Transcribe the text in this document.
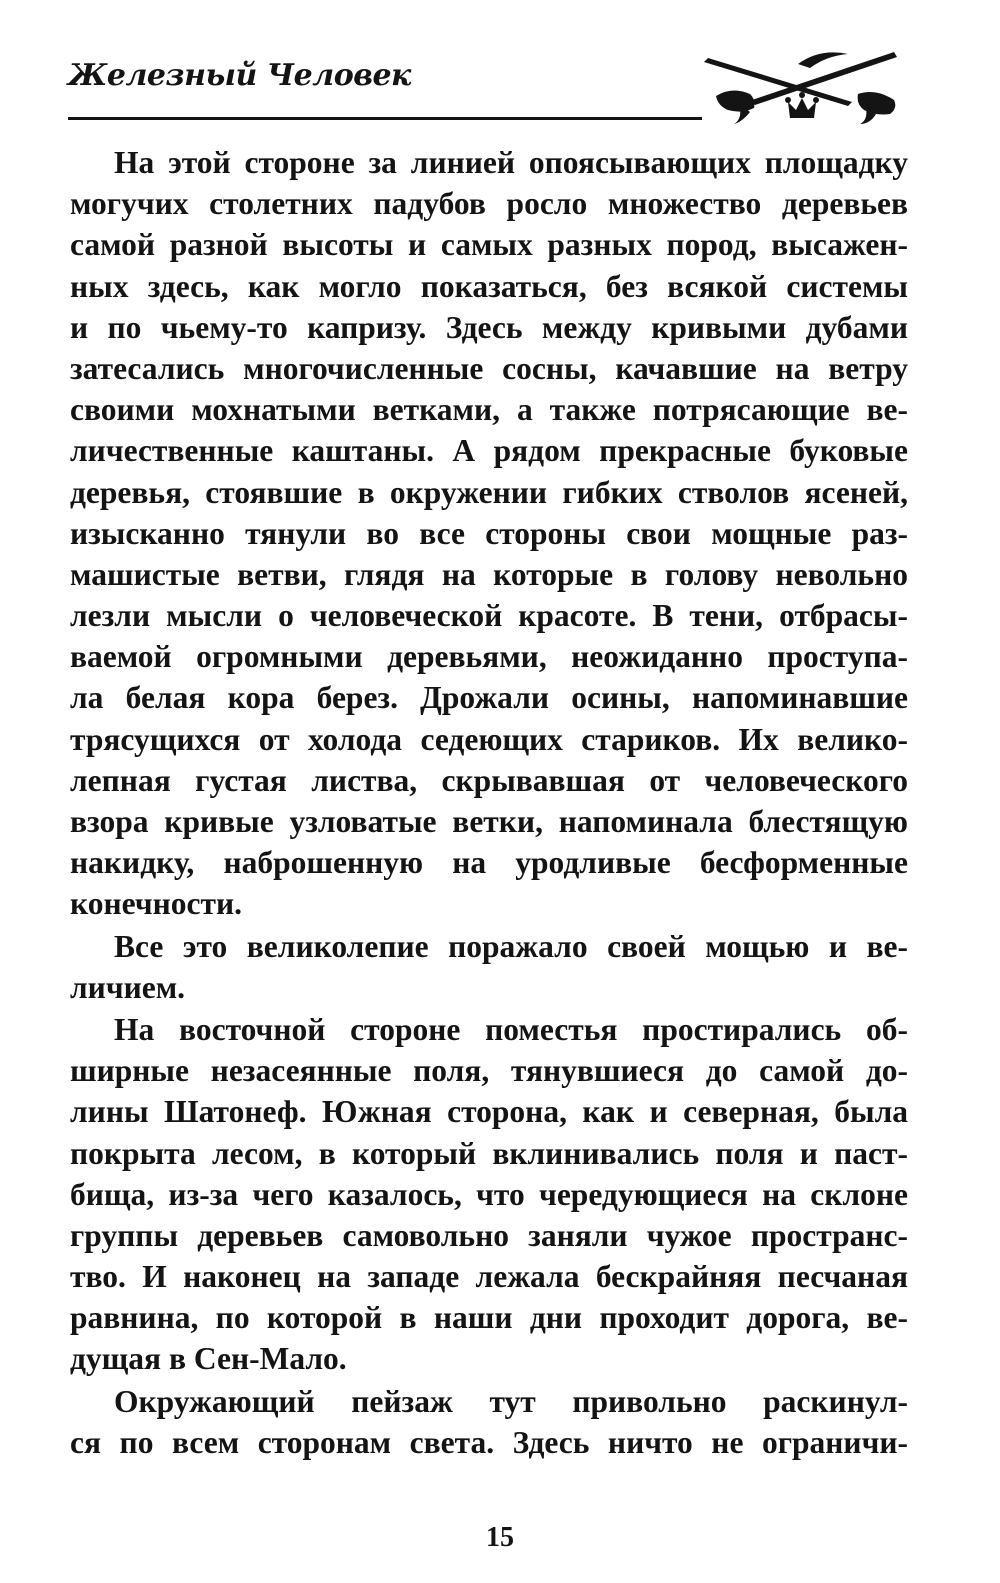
Железный Человек
На этой стороне за линией опоясывающих площадку
могучих столетних падубов росло множество деревьев
самой разной высоты и самых разных пород, высажен-
ных здесь, как могло показаться, без всякой системы
и по чьему-то капризу. Здесь между кривыми дубами
затесались многочисленные сосны, качавшие на ветру
своими мохнатыми ветками, а также потрясающие ве-
личественные каштаны. А рядом прекрасные буковые
деревья, стоявшие в окружении гибких стволов ясеней,
изысканно тянули во все стороны свои мощные раз-
машистые ветви, глядя на которые в голову невольно
лезли мысли о человеческой красоте. В тени, отбрасы-
ваемой огромными деревьями, неожиданно проступа-
ла белая кора берез. Дрожали осины, напоминавшие
трясущихся от холода седеющих стариков. Их велико-
лепная густая листва, скрывавшая от человеческого
взора кривые узловатые ветки, напоминала блестящую
накидку, наброшенную на уродливые бесформенные
конечности.
Все это великолепие поражало своей мощью и ве-
личием.
На восточной стороне поместья простирались об-
ширные незасеянные поля, тянувшиеся до самой до-
лины Шатонеф. Южная сторона, как и северная, была
покрыта лесом, в который вклинивались поля и паст-
бища, из-за чего казалось, что чередующиеся на склоне
группы деревьев самовольно заняли чужое пространс-
тво. И наконец на западе лежала бескрайняя песчаная
равнина, по которой в наши дни проходит дорога, ве-
дущая в Сен-Мало.
Окружающий пейзаж тут привольно раскинул-
ся по всем сторонам света. Здесь ничто не ограничи-
15
